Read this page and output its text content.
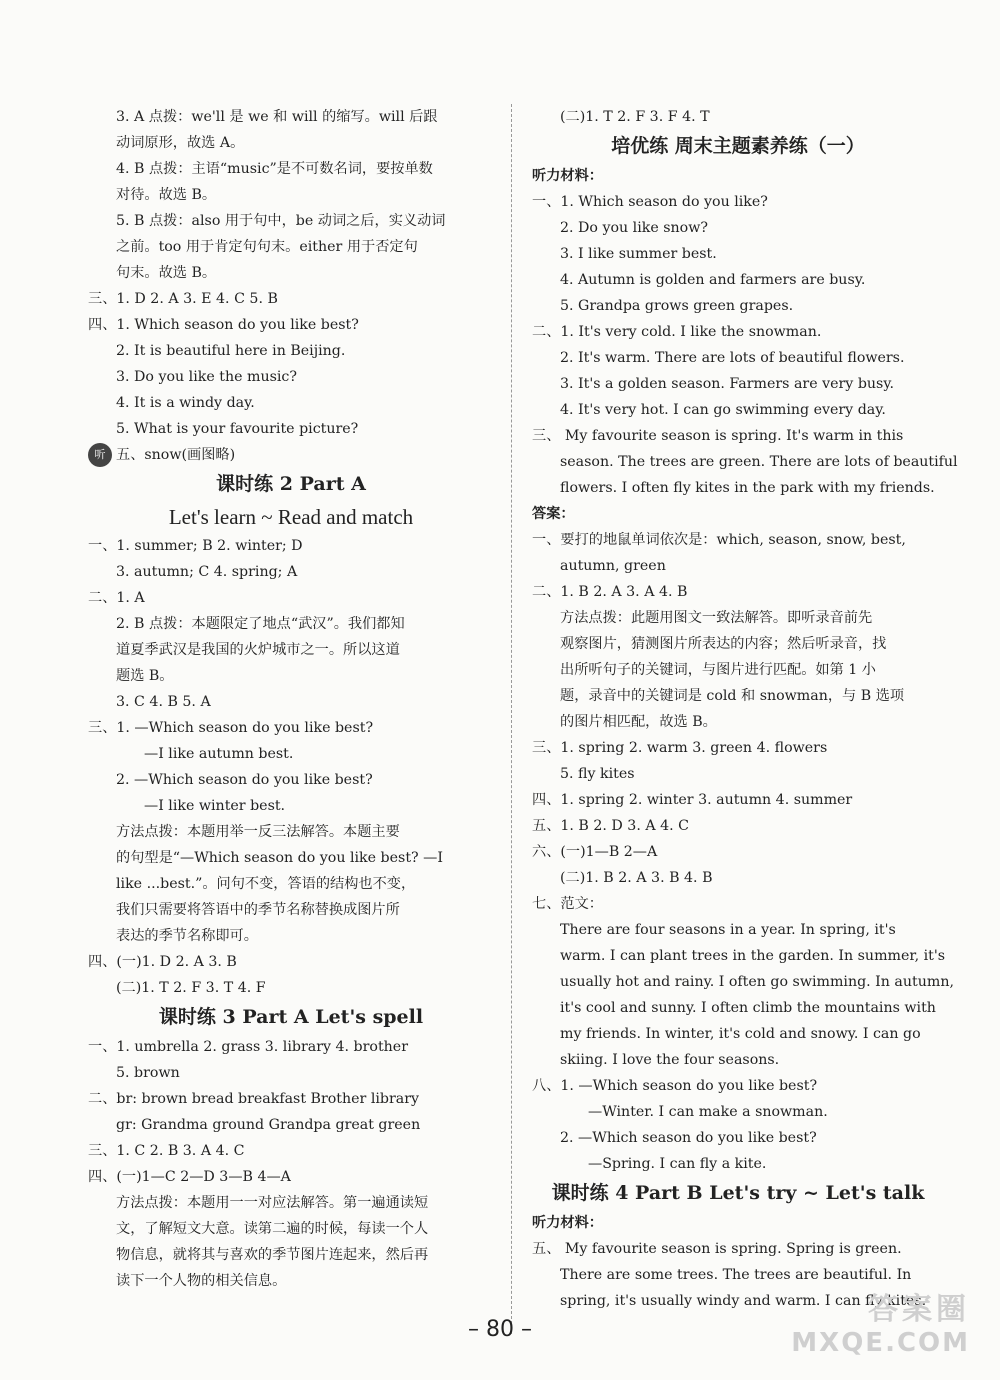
3. A 点拨：we'll 是 we 和 will 的缩写。will 后跟
动词原形，故选 A。
4. B 点拨：主语“music”是不可数名词，要按单数
对待。故选 B。
5. B 点拨：also 用于句中，be 动词之后，实义动词
之前。too 用于肯定句句末。either 用于否定句
句末。故选 B。
三、1. D 2. A 3. E 4. C 5. B
四、1. Which season do you like best?
2. It is beautiful here in Beijing.
3. Do you like the music?
4. It is a windy day.
5. What is your favourite picture?
听 五、snow(画图略)
课时练 2 Part A
Let's learn ~ Read and match
一、1. summer; B 2. winter; D
3. autumn; C 4. spring; A
二、1. A
2. B 点拨：本题限定了地点“武汉”。我们都知
道夏季武汉是我国的火炉城市之一。所以这道
题选 B。
3. C 4. B 5. A
三、1. —Which season do you like best?
—I like autumn best.
2. —Which season do you like best?
—I like winter best.
方法点拨：本题用举一反三法解答。本题主要
的句型是“—Which season do you like best? —I
like ...best.”。问句不变，答语的结构也不变，
我们只需要将答语中的季节名称替换成图片所
表达的季节名称即可。
四、(一)1. D 2. A 3. B
(二)1. T 2. F 3. T 4. F
课时练 3 Part A Let's spell
一、1. umbrella 2. grass 3. library 4. brother
5. brown
二、br: brown bread breakfast Brother library
gr: Grandma ground Grandpa great green
三、1. C 2. B 3. A 4. C
四、(一)1—C 2—D 3—B 4—A
方法点拨：本题用一一对应法解答。第一遍通读短
文，了解短文大意。读第二遍的时候，每读一个人
物信息，就将其与喜欢的季节图片连起来，然后再
读下一个人物的相关信息。
(二)1. T 2. F 3. F 4. T
培优练 周末主题素养练（一）
听力材料：
一、1. Which season do you like?
2. Do you like snow?
3. I like summer best.
4. Autumn is golden and farmers are busy.
5. Grandpa grows green grapes.
二、1. It's very cold. I like the snowman.
2. It's warm. There are lots of beautiful flowers.
3. It's a golden season. Farmers are very busy.
4. It's very hot. I can go swimming every day.
三、 My favourite season is spring. It's warm in this
season. The trees are green. There are lots of beautiful
flowers. I often fly kites in the park with my friends.
答案：
一、要打的地鼠单词依次是：which, season, snow, best,
autumn, green
二、1. B 2. A 3. A 4. B
方法点拨：此题用图文一致法解答。即听录音前先
观察图片，猜测图片所表达的内容；然后听录音，找
出所听句子的关键词，与图片进行匹配。如第 1 小
题，录音中的关键词是 cold 和 snowman，与 B 选项
的图片相匹配，故选 B。
三、1. spring 2. warm 3. green 4. flowers
5. fly kites
四、1. spring 2. winter 3. autumn 4. summer
五、1. B 2. D 3. A 4. C
六、(一)1—B 2—A
(二)1. B 2. A 3. B 4. B
七、范文：
There are four seasons in a year. In spring, it's
warm. I can plant trees in the garden. In summer, it's
usually hot and rainy. I often go swimming. In autumn,
it's cool and sunny. I often climb the mountains with
my friends. In winter, it's cold and snowy. I can go
skiing. I love the four seasons.
八、1. —Which season do you like best?
—Winter. I can make a snowman.
2. —Which season do you like best?
—Spring. I can fly a kite.
课时练 4 Part B Let's try ~ Let's talk
听力材料：
五、 My favourite season is spring. Spring is green.
There are some trees. The trees are beautiful. In
spring, it's usually windy and warm. I can fly kites.
– 80 –
答案圈
MXQE.COM
